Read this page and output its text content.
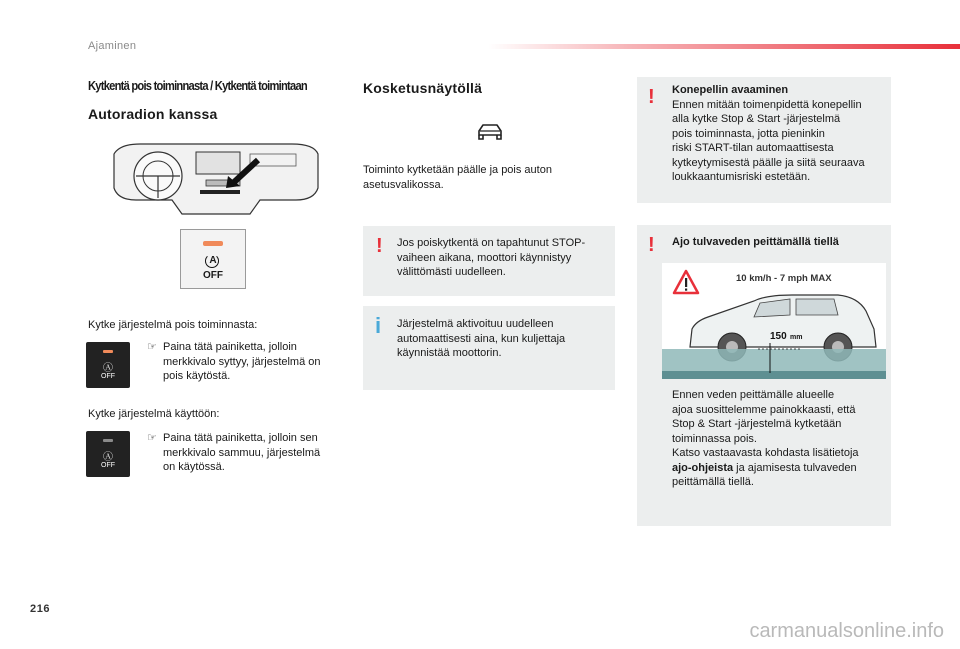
Ajaminen
Kytkentä pois toiminnasta / Kytkentä toimintaan
Autoradion kanssa
A
OFF
Kytke järjestelmä pois toiminnasta:
Ⓐ
OFF
☞ Paina tätä painiketta, jolloin
merkkivalo syttyy, järjestelmä on
pois käytöstä.
Kytke järjestelmä käyttöön:
Ⓐ
OFF
☞ Paina tätä painiketta, jolloin sen
merkkivalo sammuu, järjestelmä
on käytössä.
Kosketusnäytöllä
Toiminto kytketään päälle ja pois auton
asetusvalikossa.
! Jos poiskytkentä on tapahtunut STOP-
vaiheen aikana, moottori käynnistyy
välittömästi uudelleen.
i Järjestelmä aktivoituu uudelleen
automaattisesti aina, kun kuljettaja
käynnistää moottorin.
! Konepellin avaaminen
Ennen mitään toimenpidettä konepellin
alla kytke Stop & Start -järjestelmä
pois toiminnasta, jotta pieninkin
riski START-tilan automaattisesta
kytkeytymisestä päälle ja siitä seuraava
loukkaantumisriski estetään.
! Ajo tulvaveden peittämällä tiellä
10 km/h - 7 mph MAX
150 mm
Ennen veden peittämälle alueelle
ajoa suosittelemme painokkaasti, että
Stop & Start -järjestelmä kytketään
toiminnassa pois.
Katso vastaavasta kohdasta lisätietoja
ajo-ohjeista ja ajamisesta tulvaveden
peittämällä tiellä.
216
carmanualsonline.info
